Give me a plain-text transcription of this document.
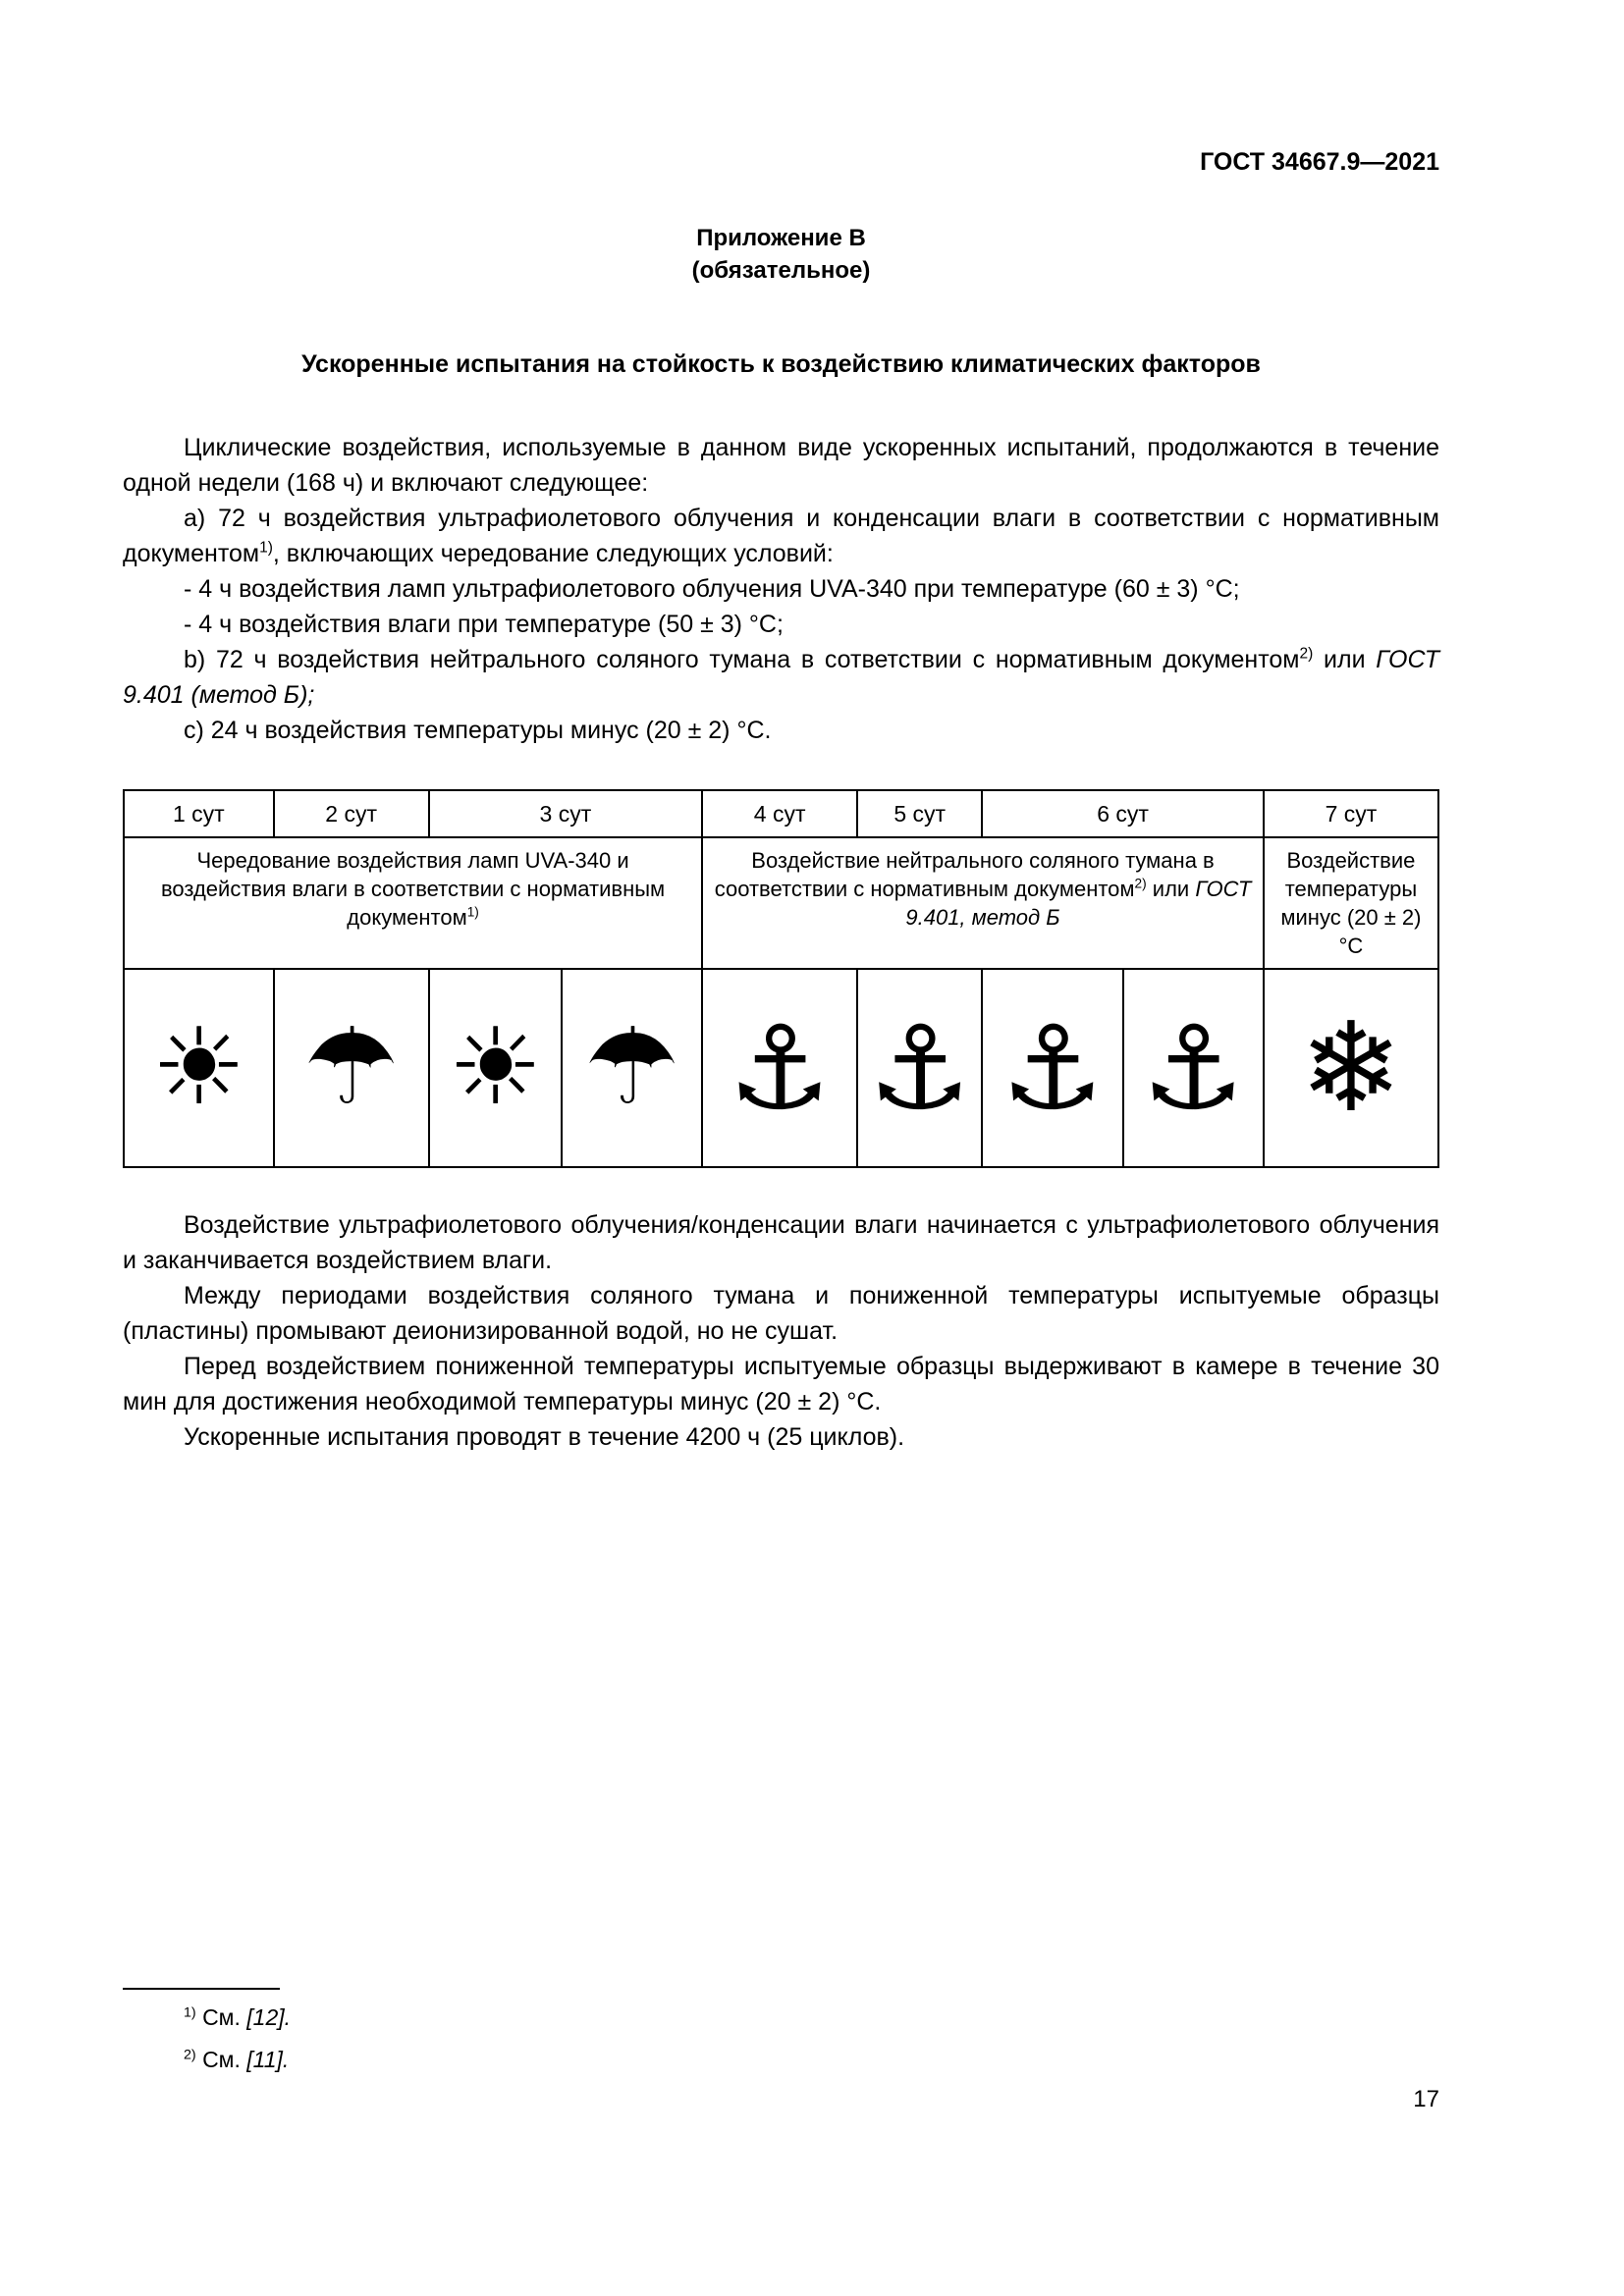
ГОСТ 34667.9—2021
Приложение В
(обязательное)
Ускоренные испытания на стойкость к воздействию климатических факторов

Циклические воздействия, используемые в данном виде ускоренных испытаний, продолжаются в течение одной недели (168 ч) и включают следующее:

a) 72 ч воздействия ультрафиолетового облучения и конденсации влаги в соответствии с нормативным документом$^{1)}$, включающих чередование следующих условий:

- 4 ч воздействия ламп ультрафиолетового облучения UVA-340 при температуре (60 ± 3) °С;

- 4 ч воздействия влаги при температуре (50 ± 3) °С;

b) 72 ч воздействия нейтрального соляного тумана в сответствии с нормативным документом$^{2)}$ или ГОСТ 9.401 (метод Б);

c) 24 ч воздействия температуры минус (20 ± 2) °С.

1 сут	2 сут	3 сут		4 сут	5 сут	6 сут		7 сут
Чередование воздействия ламп UVA-340 и воздействия влаги в соответствии с нормативным документом$^{1)}$				Воздействие нейтрального соляного тумана в соответствии с нормативным документом$^{2)}$ или ГОСТ 9.401, метод Б				Воздействие температуры минус (20 ± 2) °С
☀	☂	☀	☂	⚓	⚓	⚓	⚓	❄

Воздействие ультрафиолетового облучения/конденсации влаги начинается с ультрафиолетового облучения и заканчивается воздействием влаги.

Между периодами воздействия соляного тумана и пониженной температуры испытуемые образцы (пластины) промывают деионизированной водой, но не сушат.

Перед воздействием пониженной температуры испытуемые образцы выдерживают в камере в течение 30 мин для достижения необходимой температуры минус (20 ± 2) °С.

Ускоренные испытания проводят в течение 4200 ч (25 циклов).

$^{1)}$ См. [12].

$^{2)}$ См. [11].

17
